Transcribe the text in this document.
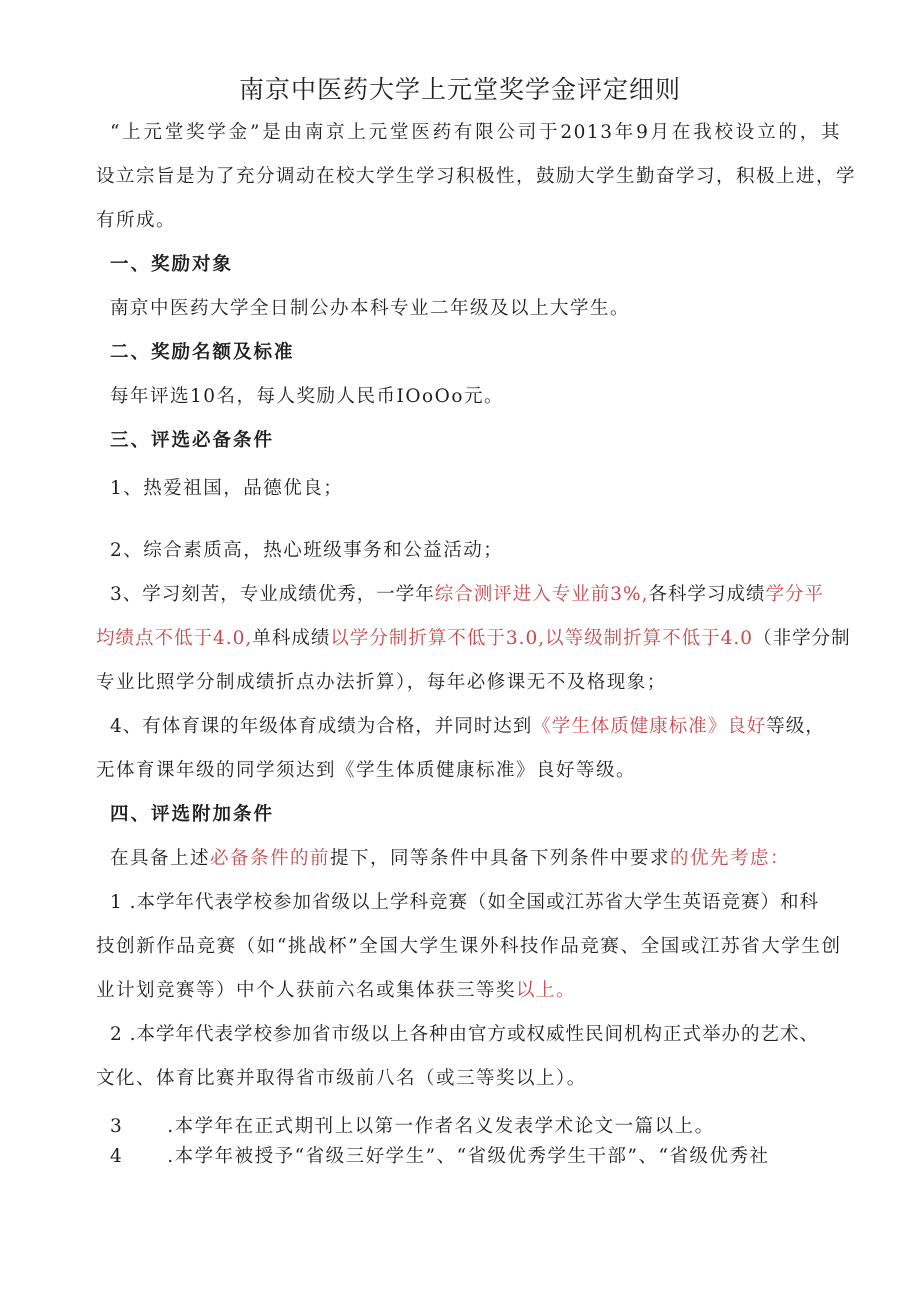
南京中医药大学上元堂奖学金评定细则
“上元堂奖学金”是由南京上元堂医药有限公司于2013年9月在我校设立的，其
设立宗旨是为了充分调动在校大学生学习积极性，鼓励大学生勤奋学习，积极上进，学
有所成。
一、奖励对象
南京中医药大学全日制公办本科专业二年级及以上大学生。
二、奖励名额及标准
每年评选10名，每人奖励人民币IOoOo元。
三、评选必备条件
1、热爱祖国，品德优良；
2、综合素质高，热心班级事务和公益活动；
3、学习刻苦，专业成绩优秀，一学年综合测评进入专业前3%,各科学习成绩学分平
均绩点不低于4.0,单科成绩以学分制折算不低于3.0,以等级制折算不低于4.0（非学分制
专业比照学分制成绩折点办法折算），每年必修课无不及格现象；
4、有体育课的年级体育成绩为合格，并同时达到《学生体质健康标准》良好等级，
无体育课年级的同学须达到《学生体质健康标准》良好等级。
四、评选附加条件
在具备上述必备条件的前提下，同等条件中具备下列条件中要求的优先考虑：
1 .本学年代表学校参加省级以上学科竞赛（如全国或江苏省大学生英语竞赛）和科
技创新作品竞赛（如“挑战杯”全国大学生课外科技作品竞赛、全国或江苏省大学生创
业计划竞赛等）中个人获前六名或集体获三等奖以上。
2 .本学年代表学校参加省市级以上各种由官方或权威性民间机构正式举办的艺术、
文化、体育比赛并取得省市级前八名（或三等奖以上）。
3 .本学年在正式期刊上以第一作者名义发表学术论文一篇以上。
4 .本学年被授予“省级三好学生”、“省级优秀学生干部”、“省级优秀社
